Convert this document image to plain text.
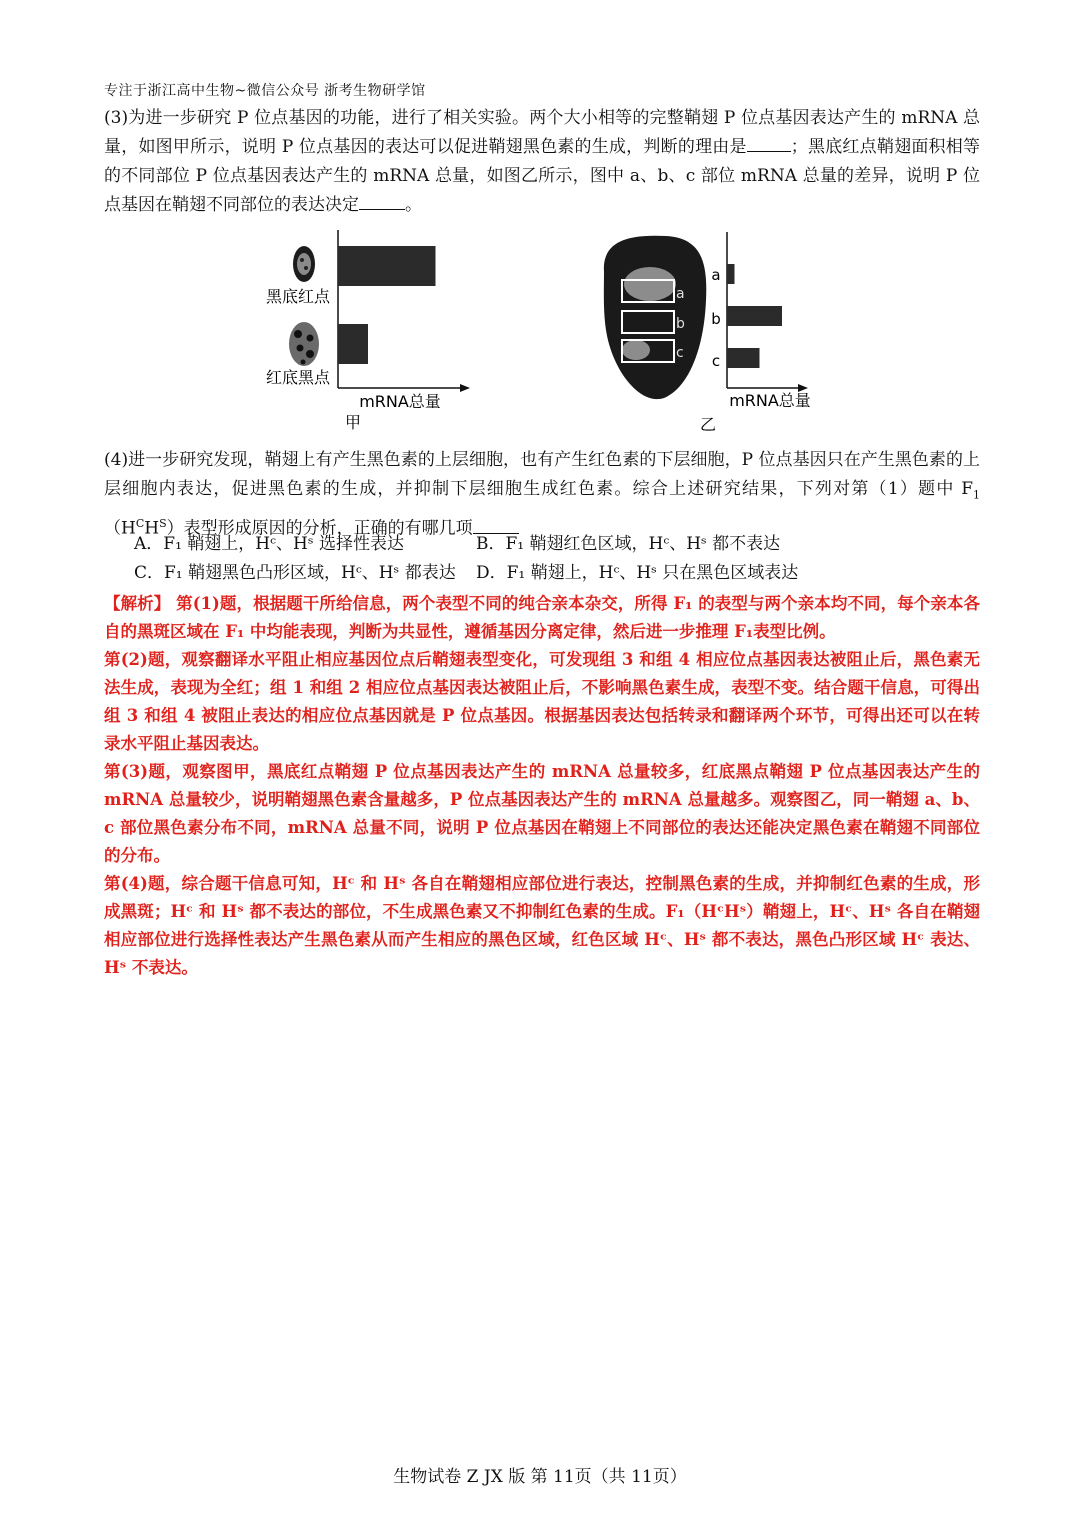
专注于浙江高中生物~微信公众号 浙考生物研学馆
(3)为进一步研究 P 位点基因的功能，进行了相关实验。两个大小相等的完整鞘翅 P 位点基因表达产生的 mRNA 总量，如图甲所示，说明 P 位点基因的表达可以促进鞘翅黑色素的生成，判断的理由是	；黑底红点鞘翅面积相等的不同部位 P 位点基因表达产生的 mRNA 总量，如图乙所示，图中 a、b、c 部位 mRNA 总量的差异，说明 P 位点基因在鞘翅不同部位的表达决定	。
黑底红点
红底黑点
mRNA总量
甲
a
b
c
a
b
c
mRNA总量
乙
(4)进一步研究发现，鞘翅上有产生黑色素的上层细胞，也有产生红色素的下层细胞，P 位点基因只在产生黑色素的上层细胞内表达，促进黑色素的生成，并抑制下层细胞生成红色素。综合上述研究结果，下列对第（1）题中 $F_1(H^CH^S)$表型形成原因的分析，正确的有哪几项
A．F₁ 鞘翅上，Hᶜ、Hˢ 选择性表达	B．F₁ 鞘翅红色区域，Hᶜ、Hˢ 都不表达
C．F₁ 鞘翅黑色凸形区域，Hᶜ、Hˢ 都表达 D．F₁ 鞘翅上，Hᶜ、Hˢ 只在黑色区域表达

【解析】 第(1)题，根据题干所给信息，两个表型不同的纯合亲本杂交，所得 F₁ 的表型与两个亲本均不同，每个亲本各自的黑斑区域在 F₁ 中均能表现，判断为共显性，遵循基因分离定律，然后进一步推理 F₁表型比例。

第(2)题，观察翻译水平阻止相应基因位点后鞘翅表型变化，可发现组 3 和组 4 相应位点基因表达被阻止后，黑色素无法生成，表现为全红；组 1 和组 2 相应位点基因表达被阻止后，不影响黑色素生成，表型不变。结合题干信息，可得出组 3 和组 4 被阻止表达的相应位点基因就是 P 位点基因。根据基因表达包括转录和翻译两个环节，可得出还可以在转录水平阻止基因表达。

第(3)题，观察图甲，黑底红点鞘翅 P 位点基因表达产生的 mRNA 总量较多，红底黑点鞘翅 P 位点基因表达产生的 mRNA 总量较少，说明鞘翅黑色素含量越多，P 位点基因表达产生的 mRNA 总量越多。观察图乙，同一鞘翅 a、b、c 部位黑色素分布不同，mRNA 总量不同，说明 P 位点基因在鞘翅上不同部位的表达还能决定黑色素在鞘翅不同部位的分布。

第(4)题，综合题干信息可知，Hᶜ 和 Hˢ 各自在鞘翅相应部位进行表达，控制黑色素的生成，并抑制红色素的生成，形成黑斑；Hᶜ 和 Hˢ 都不表达的部位，不生成黑色素又不抑制红色素的生成。F₁（HᶜHˢ）鞘翅上，Hᶜ、Hˢ 各自在鞘翅相应部位进行选择性表达产生黑色素从而产生相应的黑色区域，红色区域 Hᶜ、Hˢ 都不表达，黑色凸形区域 Hᶜ 表达、Hˢ 不表达。

生物试卷 Z JX 版 第 11页（共 11页）
